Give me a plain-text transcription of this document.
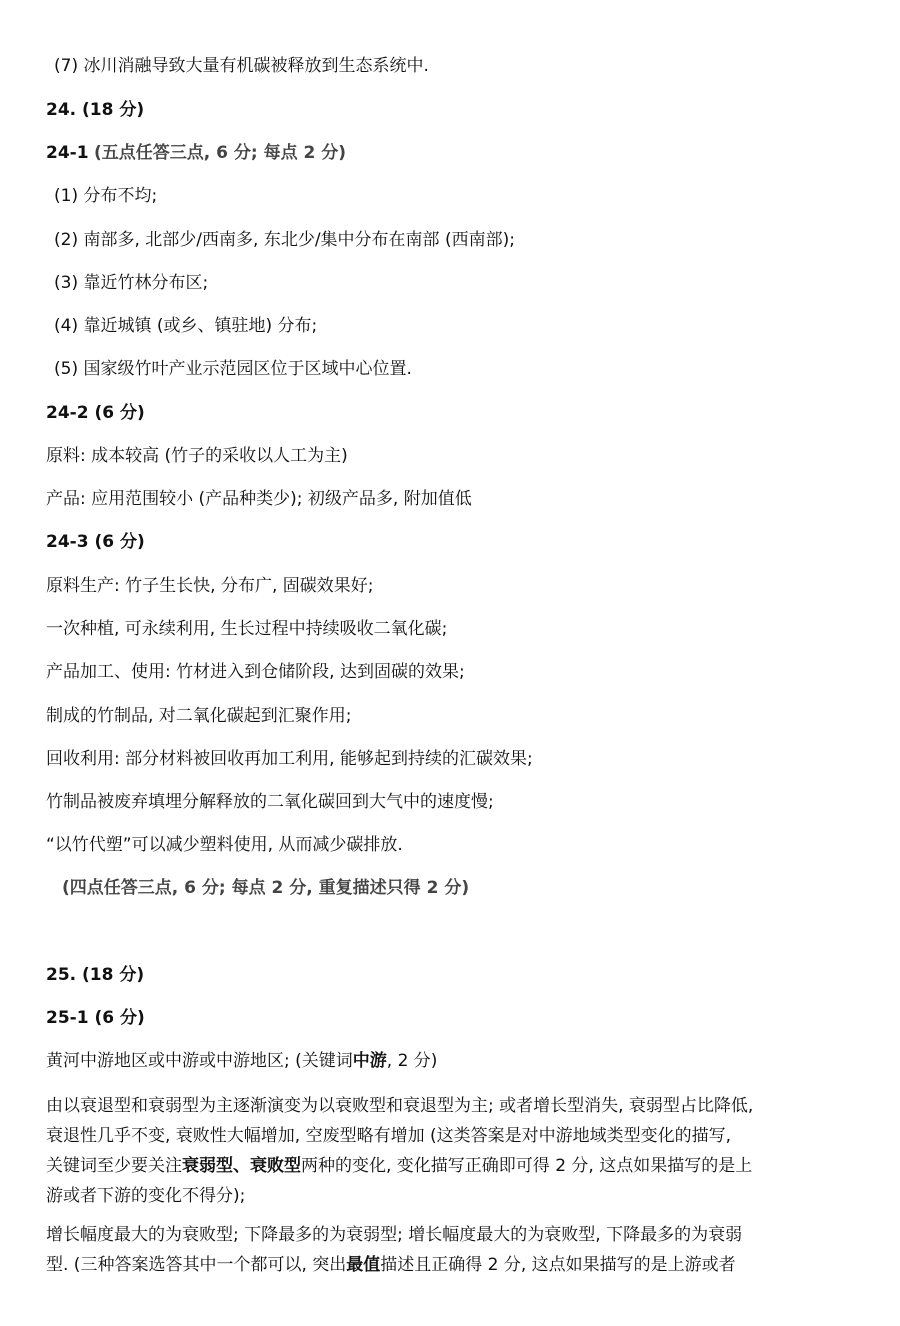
(7) 冰川消融导致大量有机碳被释放到生态系统中.
24. (18 分)
24-1 (五点任答三点, 6 分; 每点 2 分)
(1) 分布不均;
(2) 南部多, 北部少/西南多, 东北少/集中分布在南部 (西南部);
(3) 靠近竹林分布区;
(4) 靠近城镇 (或乡、镇驻地) 分布;
(5) 国家级竹叶产业示范园区位于区域中心位置.
24-2 (6 分)
原料: 成本较高 (竹子的采收以人工为主)
产品: 应用范围较小 (产品种类少); 初级产品多, 附加值低
24-3 (6 分)
原料生产: 竹子生长快, 分布广, 固碳效果好;
一次种植, 可永续利用, 生长过程中持续吸收二氧化碳;
产品加工、使用: 竹材进入到仓储阶段, 达到固碳的效果;
制成的竹制品, 对二氧化碳起到汇聚作用;
回收利用: 部分材料被回收再加工利用, 能够起到持续的汇碳效果;
竹制品被废弃填埋分解释放的二氧化碳回到大气中的速度慢;
“以竹代塑”可以减少塑料使用, 从而减少碳排放.
(四点任答三点, 6 分; 每点 2 分, 重复描述只得 2 分)
25. (18 分)
25-1 (6 分)
黄河中游地区或中游或中游地区; (关键词中游, 2 分)
由以衰退型和衰弱型为主逐渐演变为以衰败型和衰退型为主; 或者增长型消失, 衰弱型占比降低,
衰退性几乎不变, 衰败性大幅增加, 空废型略有增加 (这类答案是对中游地域类型变化的描写,
关键词至少要关注衰弱型、衰败型两种的变化, 变化描写正确即可得 2 分, 这点如果描写的是上
游或者下游的变化不得分);
增长幅度最大的为衰败型; 下降最多的为衰弱型; 增长幅度最大的为衰败型, 下降最多的为衰弱
型. (三种答案选答其中一个都可以, 突出最值描述且正确得 2 分, 这点如果描写的是上游或者
